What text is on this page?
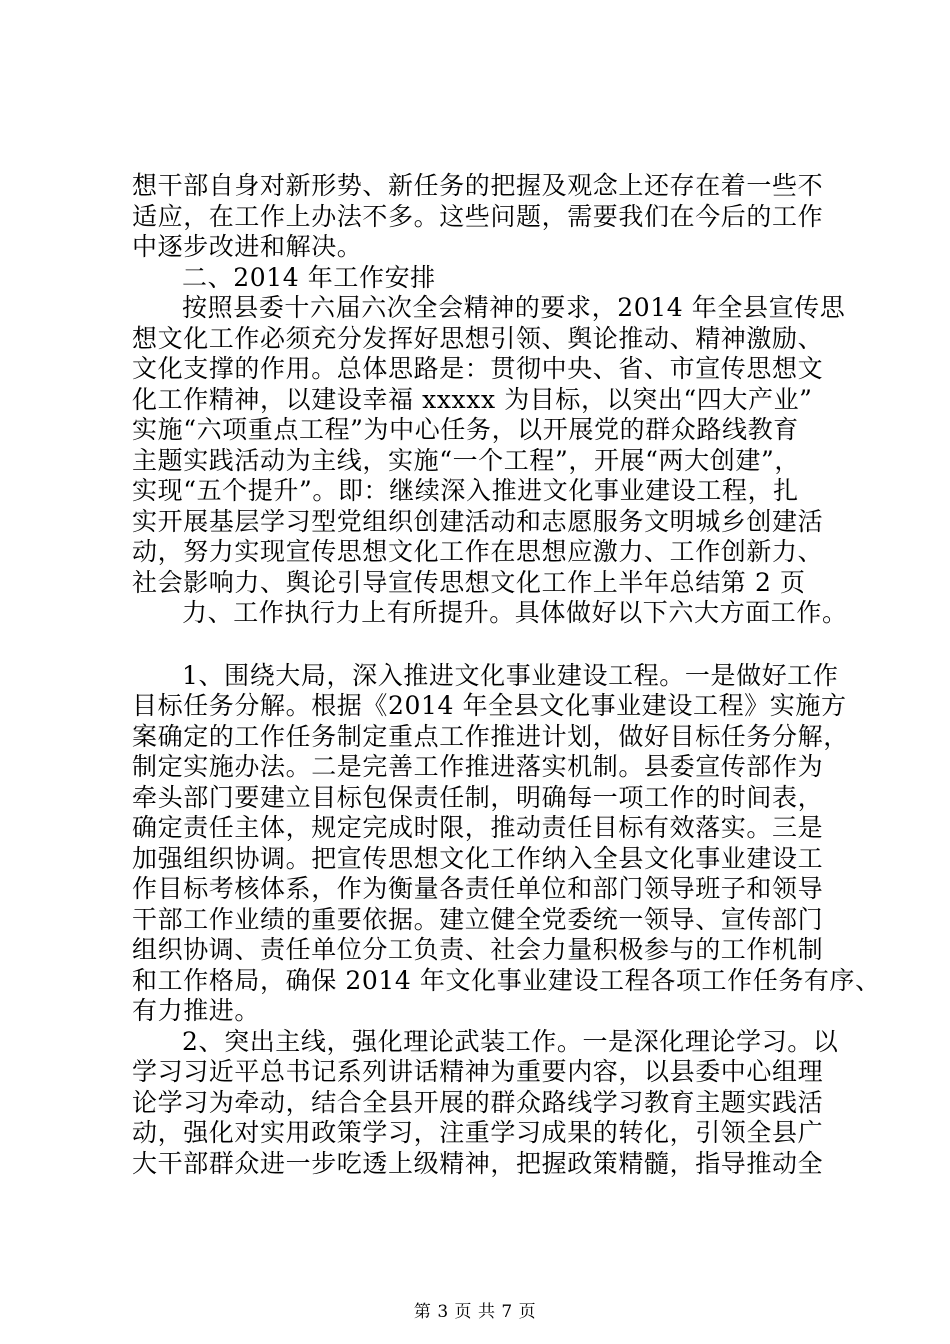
想干部自身对新形势、新任务的把握及观念上还存在着一些不
适应，在工作上办法不多。这些问题，需要我们在今后的工作
中逐步改进和解决。
二、2014 年工作安排
按照县委十六届六次全会精神的要求，2014 年全县宣传思
想文化工作必须充分发挥好思想引领、舆论推动、精神激励、
文化支撑的作用。总体思路是：贯彻中央、省、市宣传思想文
化工作精神，以建设幸福 xxxxx 为目标，以突出“四大产业”
实施“六项重点工程”为中心任务，以开展党的群众路线教育
主题实践活动为主线，实施“一个工程”，开展“两大创建”，
实现“五个提升”。即：继续深入推进文化事业建设工程，扎
实开展基层学习型党组织创建活动和志愿服务文明城乡创建活
动，努力实现宣传思想文化工作在思想应激力、工作创新力、
社会影响力、舆论引导宣传思想文化工作上半年总结第 2 页
力、工作执行力上有所提升。具体做好以下六大方面工作。
1、围绕大局，深入推进文化事业建设工程。一是做好工作
目标任务分解。根据《2014 年全县文化事业建设工程》实施方
案确定的工作任务制定重点工作推进计划，做好目标任务分解，
制定实施办法。二是完善工作推进落实机制。县委宣传部作为
牵头部门要建立目标包保责任制，明确每一项工作的时间表，
确定责任主体，规定完成时限，推动责任目标有效落实。三是
加强组织协调。把宣传思想文化工作纳入全县文化事业建设工
作目标考核体系，作为衡量各责任单位和部门领导班子和领导
干部工作业绩的重要依据。建立健全党委统一领导、宣传部门
组织协调、责任单位分工负责、社会力量积极参与的工作机制
和工作格局，确保 2014 年文化事业建设工程各项工作任务有序、
有力推进。
2、突出主线，强化理论武装工作。一是深化理论学习。以
学习习近平总书记系列讲话精神为重要内容，以县委中心组理
论学习为牵动，结合全县开展的群众路线学习教育主题实践活
动，强化对实用政策学习，注重学习成果的转化，引领全县广
大干部群众进一步吃透上级精神，把握政策精髓，指导推动全
第 3 页 共 7 页
